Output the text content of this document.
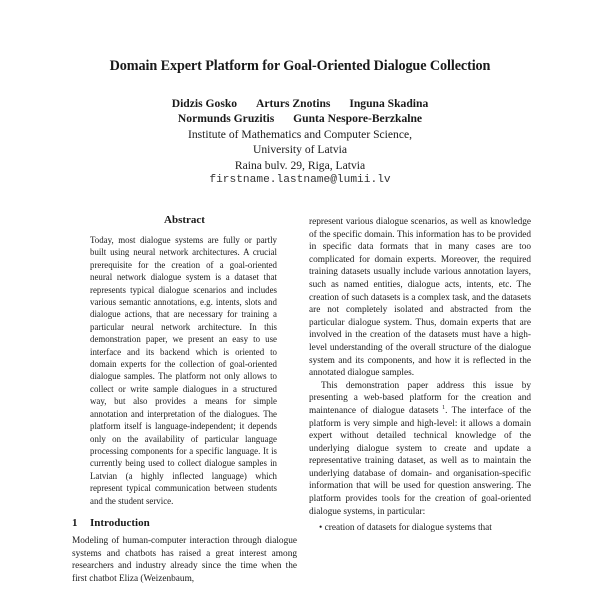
Domain Expert Platform for Goal-Oriented Dialogue Collection
Didzis Gosko Arturs Znotins Inguna Skadina
Normunds Gruzitis Gunta Nespore-Berzkalne
Institute of Mathematics and Computer Science,
University of Latvia
Raina bulv. 29, Riga, Latvia
firstname.lastname@lumii.lv
Abstract
Today, most dialogue systems are fully or partly built using neural network architectures. A crucial prerequisite for the creation of a goal-oriented neural network dialogue system is a dataset that represents typical dialogue scenarios and includes various semantic annotations, e.g. intents, slots and dialogue actions, that are necessary for training a particular neural network architecture. In this demonstration paper, we present an easy to use interface and its backend which is oriented to domain experts for the collection of goal-oriented dialogue samples. The platform not only allows to collect or write sample dialogues in a structured way, but also provides a means for simple annotation and interpretation of the dialogues. The platform itself is language-independent; it depends only on the availability of particular language processing components for a specific language. It is currently being used to collect dialogue samples in Latvian (a highly inflected language) which represent typical communication between students and the student service.
1 Introduction

Modeling of human-computer interaction through dialogue systems and chatbots has raised a great interest among researchers and industry already since the time when the first chatbot Eliza (Weizenbaum,

represent various dialogue scenarios, as well as knowledge of the specific domain. This information has to be provided in specific data formats that in many cases are too complicated for domain experts. Moreover, the required training datasets usually include various annotation layers, such as named entities, dialogue acts, intents, etc. The creation of such datasets is a complex task, and the datasets are not completely isolated and abstracted from the particular dialogue system. Thus, domain experts that are involved in the creation of the datasets must have a high-level understanding of the overall structure of the dialogue system and its components, and how it is reflected in the annotated dialogue samples.

This demonstration paper address this issue by presenting a web-based platform for the creation and maintenance of dialogue datasets $^1$. The interface of the platform is very simple and high-level: it allows a domain expert without detailed technical knowledge of the underlying dialogue system to create and update a representative training dataset, as well as to maintain the underlying database of domain- and organisation-specific information that will be used for question answering. The platform provides tools for the creation of goal-oriented dialogue systems, in particular:

• creation of datasets for dialogue systems that
